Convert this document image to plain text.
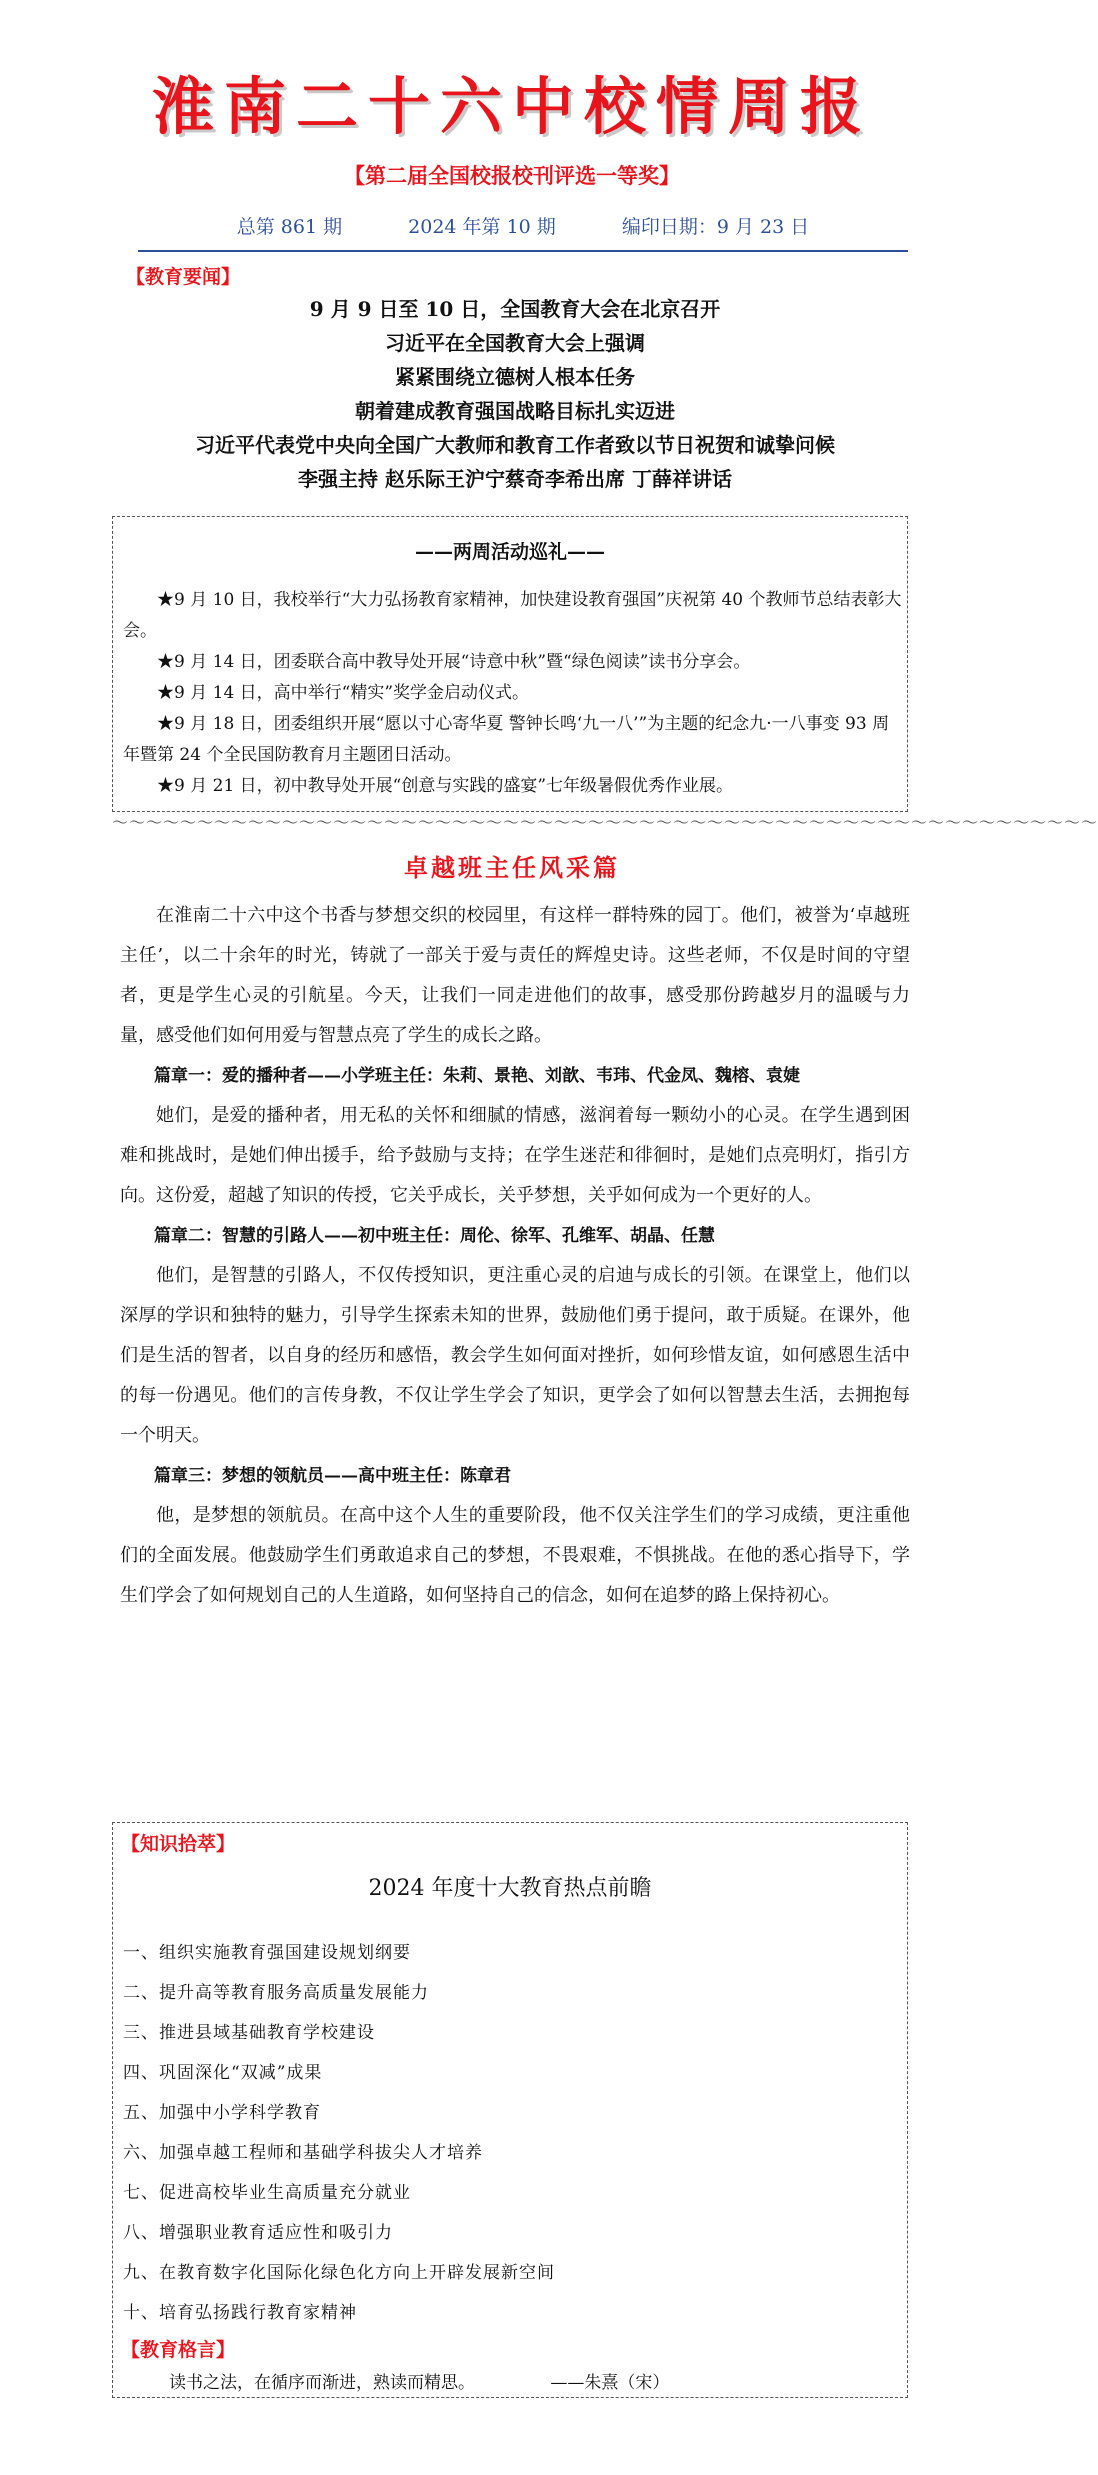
淮南二十六中校情周报
【第二届全国校报校刊评选一等奖】
总第 861 期	2024 年第 10 期	编印日期：9 月 23 日
【教育要闻】
9 月 9 日至 10 日，全国教育大会在北京召开
习近平在全国教育大会上强调
紧紧围绕立德树人根本任务
朝着建成教育强国战略目标扎实迈进
习近平代表党中央向全国广大教师和教育工作者致以节日祝贺和诚挚问候
李强主持 赵乐际王沪宁蔡奇李希出席 丁薛祥讲话
——两周活动巡礼——
★9 月 10 日，我校举行“大力弘扬教育家精神，加快建设教育强国”庆祝第 40 个教师节总结表彰大会。
★9 月 14 日，团委联合高中教导处开展“诗意中秋”暨“绿色阅读”读书分享会。
★9 月 14 日，高中举行“精实”奖学金启动仪式。
★9 月 18 日，团委组织开展“愿以寸心寄华夏 警钟长鸣‘九一八’”为主题的纪念九·一八事变 93 周年暨第 24 个全民国防教育月主题团日活动。
★9 月 21 日，初中教导处开展“创意与实践的盛宴”七年级暑假优秀作业展。
～～～～～～～～～～～～～～～～～～～～～～～～～～～～～～～～～～～～～～～～～～～～～～～～～～～～～～～～～～
卓越班主任风采篇

在淮南二十六中这个书香与梦想交织的校园里，有这样一群特殊的园丁。他们，被誉为‘卓越班主任’，以二十余年的时光，铸就了一部关于爱与责任的辉煌史诗。这些老师，不仅是时间的守望者，更是学生心灵的引航星。今天，让我们一同走进他们的故事，感受那份跨越岁月的温暖与力量，感受他们如何用爱与智慧点亮了学生的成长之路。

篇章一：爱的播种者——小学班主任：朱莉、景艳、刘歆、韦玮、代金凤、魏榕、袁婕

她们，是爱的播种者，用无私的关怀和细腻的情感，滋润着每一颗幼小的心灵。在学生遇到困难和挑战时，是她们伸出援手，给予鼓励与支持；在学生迷茫和徘徊时，是她们点亮明灯，指引方向。这份爱，超越了知识的传授，它关乎成长，关乎梦想，关乎如何成为一个更好的人。

篇章二：智慧的引路人——初中班主任：周伦、徐军、孔维军、胡晶、任慧

他们，是智慧的引路人，不仅传授知识，更注重心灵的启迪与成长的引领。在课堂上，他们以深厚的学识和独特的魅力，引导学生探索未知的世界，鼓励他们勇于提问，敢于质疑。在课外，他们是生活的智者，以自身的经历和感悟，教会学生如何面对挫折，如何珍惜友谊，如何感恩生活中的每一份遇见。他们的言传身教，不仅让学生学会了知识，更学会了如何以智慧去生活，去拥抱每一个明天。

篇章三：梦想的领航员——高中班主任：陈章君

他，是梦想的领航员。在高中这个人生的重要阶段，他不仅关注学生们的学习成绩，更注重他们的全面发展。他鼓励学生们勇敢追求自己的梦想，不畏艰难，不惧挑战。在他的悉心指导下，学生们学会了如何规划自己的人生道路，如何坚持自己的信念，如何在追梦的路上保持初心。

【知识拾萃】
2024 年度十大教育热点前瞻
一、组织实施教育强国建设规划纲要
二、提升高等教育服务高质量发展能力
三、推进县域基础教育学校建设
四、巩固深化“双减”成果
五、加强中小学科学教育
六、加强卓越工程师和基础学科拔尖人才培养
七、促进高校毕业生高质量充分就业
八、增强职业教育适应性和吸引力
九、在教育数字化国际化绿色化方向上开辟发展新空间
十、培育弘扬践行教育家精神
【教育格言】
读书之法，在循序而渐进，熟读而精思。	——朱熹（宋）
